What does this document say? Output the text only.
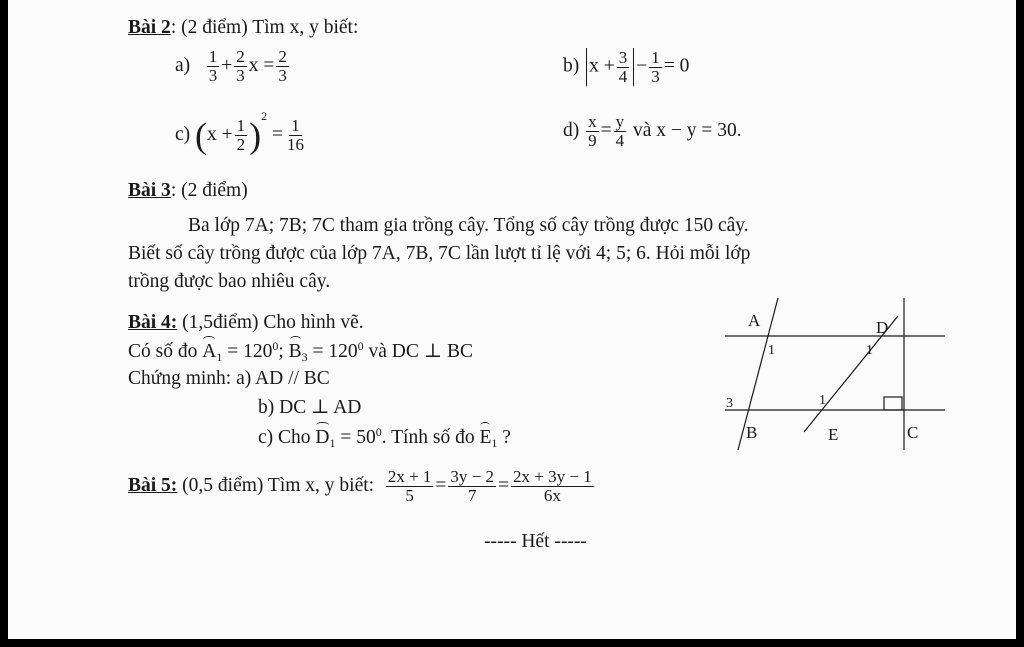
Bài 2: (2 điểm) Tìm x, y biết:
$a) \frac{1}{3} + \frac{2}{3}$ $x = \frac{2}{3}$	b) $x + \frac{3}{4} - \frac{1}{3} = 0$
c) $(x + \frac{1}{2} )^2 = \frac{1}{16}$	$d) \frac{x}{9} = \frac{y}{4}$ và x − y = 30.
Bài 3: (2 điểm)
Ba lớp 7A; 7B; 7C tham gia trồng cây. Tổng số cây trồng được 150 cây.
Biết số cây trồng được của lớp 7A, 7B, 7C lần lượt tỉ lệ với 4; 5; 6. Hỏi mỗi lớp
trồng được bao nhiêu cây.
Bài 4: (1,5điểm) Cho hình vẽ.
Có số đo $A_1 = 120^0$; $B_3 = 120^0$ và DC ⊥ BC
Chứng minh: a) AD // BC
b) DC ⊥ AD
c) Cho $D_1 = 50^0$. Tính số đo $E_1$ ?
A	D
B	E	C
1	1
3	1
Bài 5: (0,5 điểm) Tìm x, y biết: $\frac{2x + 1}{5} = \frac{3y - 2}{7} = \frac{2x + 3y - 1}{6x}$
----- Hết -----
